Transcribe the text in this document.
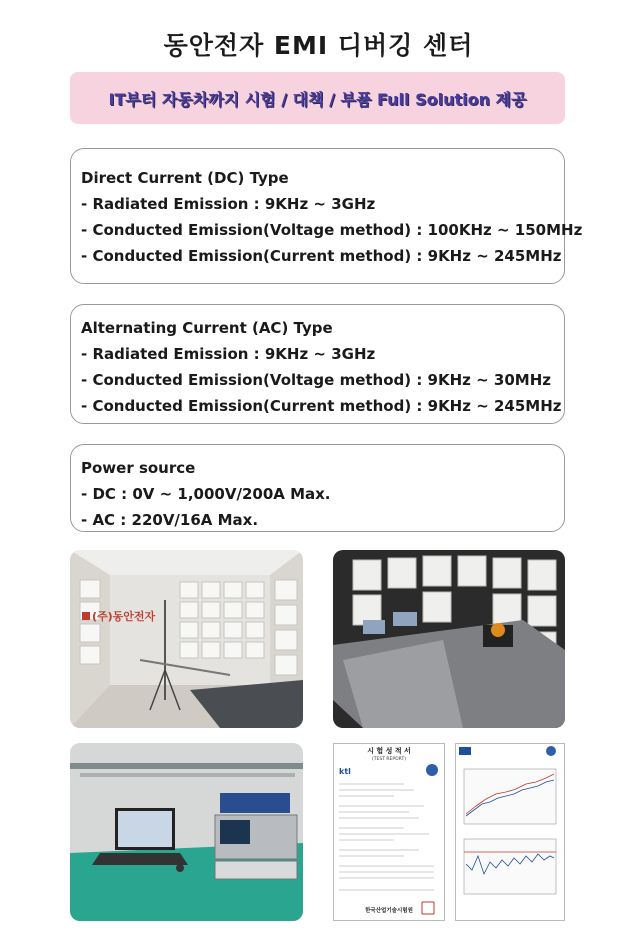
동안전자 EMI 디버깅 센터
IT부터 자동차까지 시험 / 대책 / 부품 Full Solution 제공
Direct Current (DC) Type
- Radiated Emission : 9KHz ~ 3GHz
- Conducted Emission(Voltage method) : 100KHz ~ 150MHz
- Conducted Emission(Current method) : 9KHz ~ 245MHz
Alternating Current (AC) Type
- Radiated Emission : 9KHz ~ 3GHz
- Conducted Emission(Voltage method) : 9KHz ~ 30MHz
- Conducted Emission(Current method) : 9KHz ~ 245MHz
Power source
- DC : 0V ~ 1,000V/200A Max.
- AC : 220V/16A Max.
(주)동안전자
시 험 성 적 서
(TEST REPORT)
ktl
한국산업기술시험원
